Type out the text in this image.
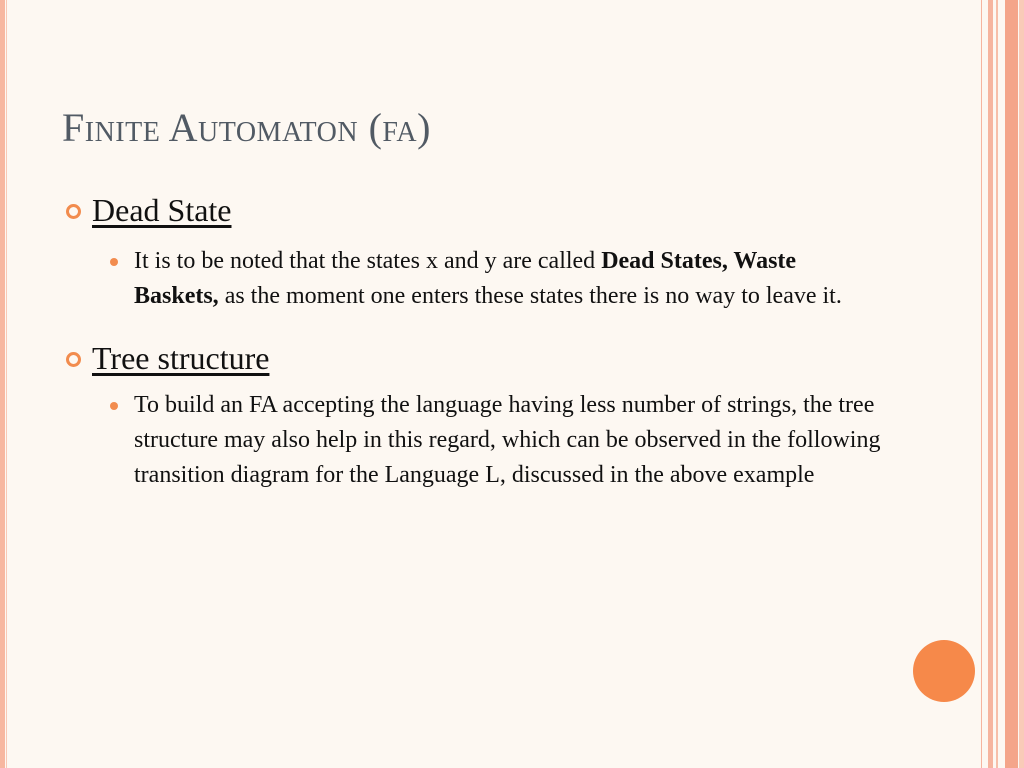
Finite Automaton (fa)
Dead State
It is to be noted that the states x and y are called Dead States, Waste Baskets, as the moment one enters these states there is no way to leave it.
Tree structure
To build an FA accepting the language having less number of strings, the tree structure may also help in this regard, which can be observed in the following transition diagram for the Language L, discussed in the above example
